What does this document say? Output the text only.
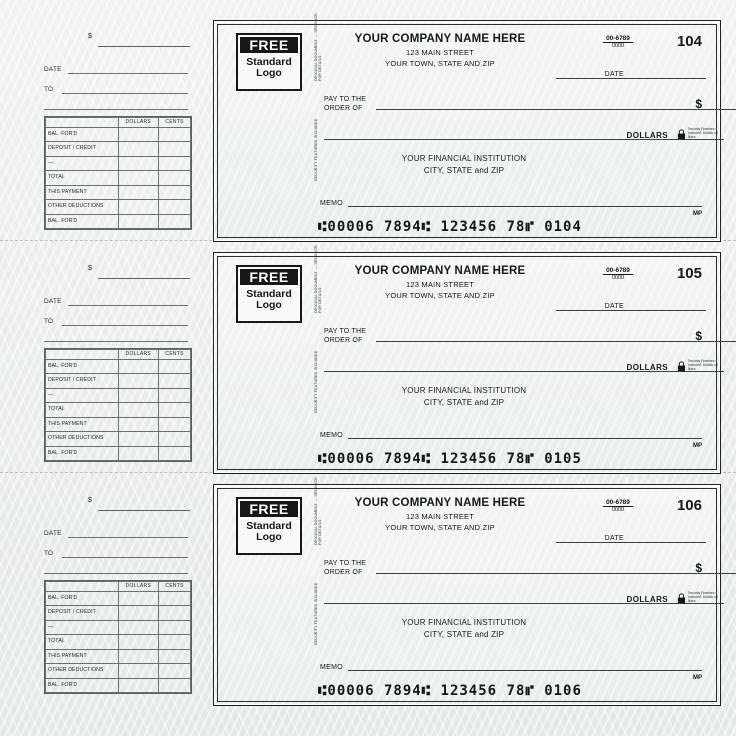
$
DATE
TO
	DOLLARS	CENTS
BAL. FOR'D		
DEPOSIT / CREDIT		
—		
TOTAL		
THIS PAYMENT		
OTHER DEDUCTIONS		
BAL. FOR'D		
FREE
Standard
Logo
YOUR COMPANY NAME HERE
123 MAIN STREET
YOUR TOWN, STATE AND ZIP
00-6789
0000	104
ORIGINAL DOCUMENT — SEE BACK FOR DETAILS
SECURITY FEATURES INCLUDED
DATE
PAY TO THE
ORDER OF	$
DOLLARS
Security Features Included. Details on Back
YOUR FINANCIAL INSTITUTION
CITY, STATE and ZIP
MEMO
MP
⑆00006 7894⑆ 123456 78⑈ 0104
$
DATE
TO
	DOLLARS	CENTS
BAL. FOR'D		
DEPOSIT / CREDIT		
—		
TOTAL		
THIS PAYMENT		
OTHER DEDUCTIONS		
BAL. FOR'D		
FREE
Standard
Logo
YOUR COMPANY NAME HERE
123 MAIN STREET
YOUR TOWN, STATE AND ZIP
00-6789
0000	105
ORIGINAL DOCUMENT — SEE BACK FOR DETAILS
SECURITY FEATURES INCLUDED
DATE
PAY TO THE
ORDER OF	$
DOLLARS
Security Features Included. Details on Back
YOUR FINANCIAL INSTITUTION
CITY, STATE and ZIP
MEMO
MP
⑆00006 7894⑆ 123456 78⑈ 0105
$
DATE
TO
	DOLLARS	CENTS
BAL. FOR'D		
DEPOSIT / CREDIT		
—		
TOTAL		
THIS PAYMENT		
OTHER DEDUCTIONS		
BAL. FOR'D		
FREE
Standard
Logo
YOUR COMPANY NAME HERE
123 MAIN STREET
YOUR TOWN, STATE AND ZIP
00-6789
0000	106
ORIGINAL DOCUMENT — SEE BACK FOR DETAILS
SECURITY FEATURES INCLUDED
DATE
PAY TO THE
ORDER OF	$
DOLLARS
Security Features Included. Details on Back
YOUR FINANCIAL INSTITUTION
CITY, STATE and ZIP
MEMO
MP
⑆00006 7894⑆ 123456 78⑈ 0106
